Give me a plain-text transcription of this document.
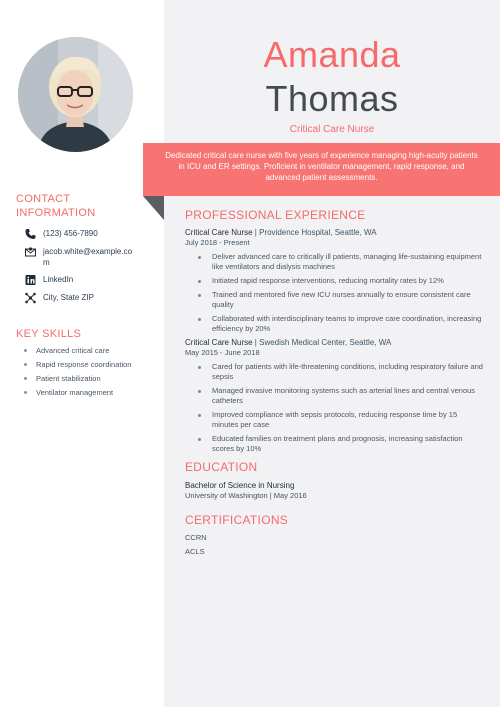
Amanda
Thomas
Critical Care Nurse
Dedicated critical care nurse with five years of experience managing high-acuity patients in ICU and ER settings. Proficient in ventilator management, rapid response, and advanced patient assessments.
CONTACT INFORMATION
(123) 456-7890
jacob.white@example.com
LinkedIn
City, State ZIP
KEY SKILLS
Advanced critical care
Rapid response coordination
Patient stabilization
Ventilator management
PROFESSIONAL EXPERIENCE
Critical Care Nurse | Providence Hospital, Seattle, WA
July 2018 - Present
Deliver advanced care to critically ill patients, managing life-sustaining equipment like ventilators and dialysis machines
Initiated rapid response interventions, reducing mortality rates by 12%
Trained and mentored five new ICU nurses annually to ensure consistent care quality
Collaborated with interdisciplinary teams to improve care coordination, increasing efficiency by 20%
Critical Care Nurse | Swedish Medical Center, Seattle, WA
May 2015 - June 2018
Cared for patients with life-threatening conditions, including respiratory failure and sepsis
Managed invasive monitoring systems such as arterial lines and central venous catheters
Improved compliance with sepsis protocols, reducing response time by 15 minutes per case
Educated families on treatment plans and prognosis, increasing satisfaction scores by 10%
EDUCATION
Bachelor of Science in Nursing
University of Washington | May 2016
CERTIFICATIONS
CCRN
ACLS
